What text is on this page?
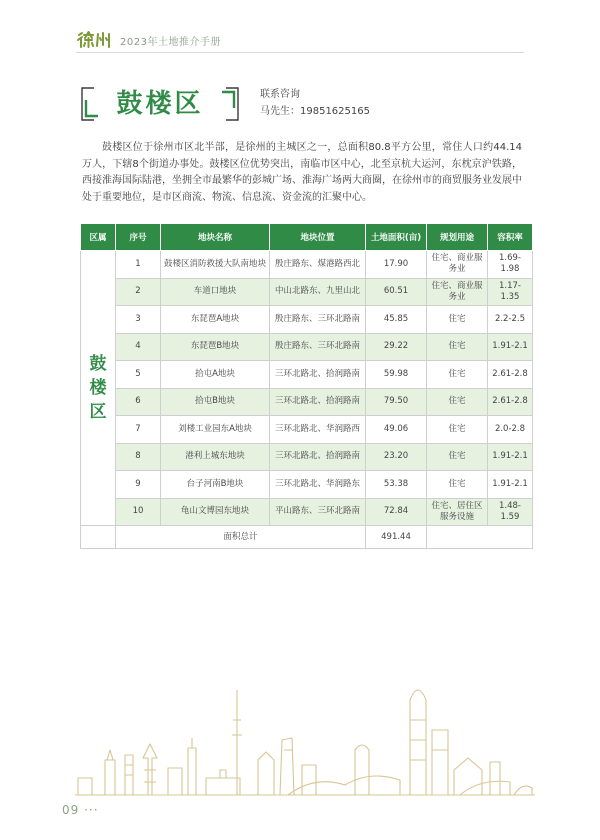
2023年土地推介手册
鼓楼区	联系咨询
马先生：19851625165

鼓楼区位于徐州市区北半部，是徐州的主城区之一，总面积80.8平方公里，常住人口约44.14万人，下辖8个街道办事处。鼓楼区位优势突出，南临市区中心，北至京杭大运河，东枕京沪铁路，西接淮海国际陆港，坐拥全市最繁华的彭城广场、淮海广场两大商圈，在徐州市的商贸服务业发展中处于重要地位，是市区商流、物流、信息流、资金流的汇聚中心。

区属	序号	地块名称	地块位置	土地面积(亩)	规划用途	容积率
鼓楼区	1	鼓楼区消防救援大队南地块	殷庄路东、煤港路西北	17.90	住宅、商业服务业	1.69-1.98
	2	车道口地块	中山北路东、九里山北	60.51	住宅、商业服务业	1.17-1.35
	3	东琵琶A地块	殷庄路东、三环北路南	45.85	住宅	2.2-2.5
	4	东琵琶B地块	殷庄路东、三环北路南	29.22	住宅	1.91-2.1
	5	拾屯A地块	三环北路北、拾润路南	59.98	住宅	2.61-2.8
	6	拾屯B地块	三环北路北、拾润路南	79.50	住宅	2.61-2.8
	7	刘楼工业园东A地块	三环北路北、华润路西	49.06	住宅	2.0-2.8
	8	港利上城东地块	三环北路北、拾润路南	23.20	住宅	1.91-2.1
	9	台子河南B地块	三环北路北、华润路东	53.38	住宅	1.91-2.1
	10	龟山文博园东地块	平山路东、三环北路南	72.84	住宅、居住区服务设施	1.48-1.59
	面积总计			491.44		
09 ···
